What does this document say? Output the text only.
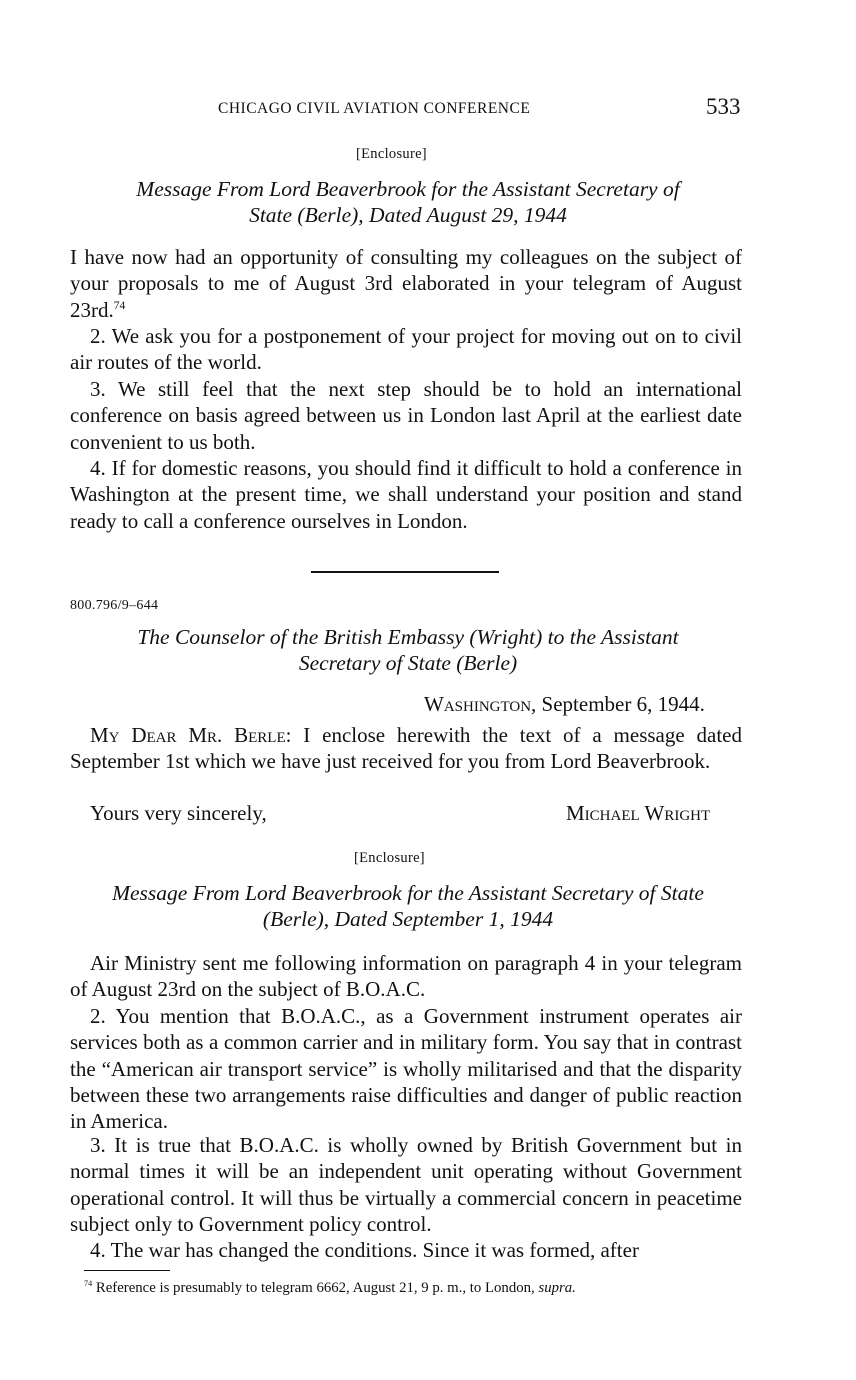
CHICAGO CIVIL AVIATION CONFERENCE	533
[Enclosure]
Message From Lord Beaverbrook for the Assistant Secretary of
State (Berle), Dated August 29, 1944

I have now had an opportunity of consulting my colleagues on the subject of your proposals to me of August 3rd elaborated in your telegram of August 23rd.$^{74}$

2. We ask you for a postponement of your project for moving out on to civil air routes of the world.

3. We still feel that the next step should be to hold an international conference on basis agreed between us in London last April at the earliest date convenient to us both.

4. If for domestic reasons, you should find it difficult to hold a conference in Washington at the present time, we shall understand your position and stand ready to call a conference ourselves in London.

800.796/9–644
The Counselor of the British Embassy (Wright) to the Assistant
Secretary of State (Berle)
Washington, September 6, 1944.

My Dear Mr. Berle: I enclose herewith the text of a message dated September 1st which we have just received for you from Lord Beaverbrook.

Yours very sincerely,	Michael Wright
[Enclosure]
Message From Lord Beaverbrook for the Assistant Secretary of State
(Berle), Dated September 1, 1944

Air Ministry sent me following information on paragraph 4 in your telegram of August 23rd on the subject of B.O.A.C.

2. You mention that B.O.A.C., as a Government instrument operates air services both as a common carrier and in military form. You say that in contrast the “American air transport service” is wholly militarised and that the disparity between these two arrangements raise difficulties and danger of public reaction in America.

3. It is true that B.O.A.C. is wholly owned by British Government but in normal times it will be an independent unit operating without Government operational control. It will thus be virtually a commercial concern in peacetime subject only to Government policy control.

4. The war has changed the conditions. Since it was formed, after

$^{74}$ Reference is presumably to telegram 6662, August 21, 9 p. m., to London, supra.
